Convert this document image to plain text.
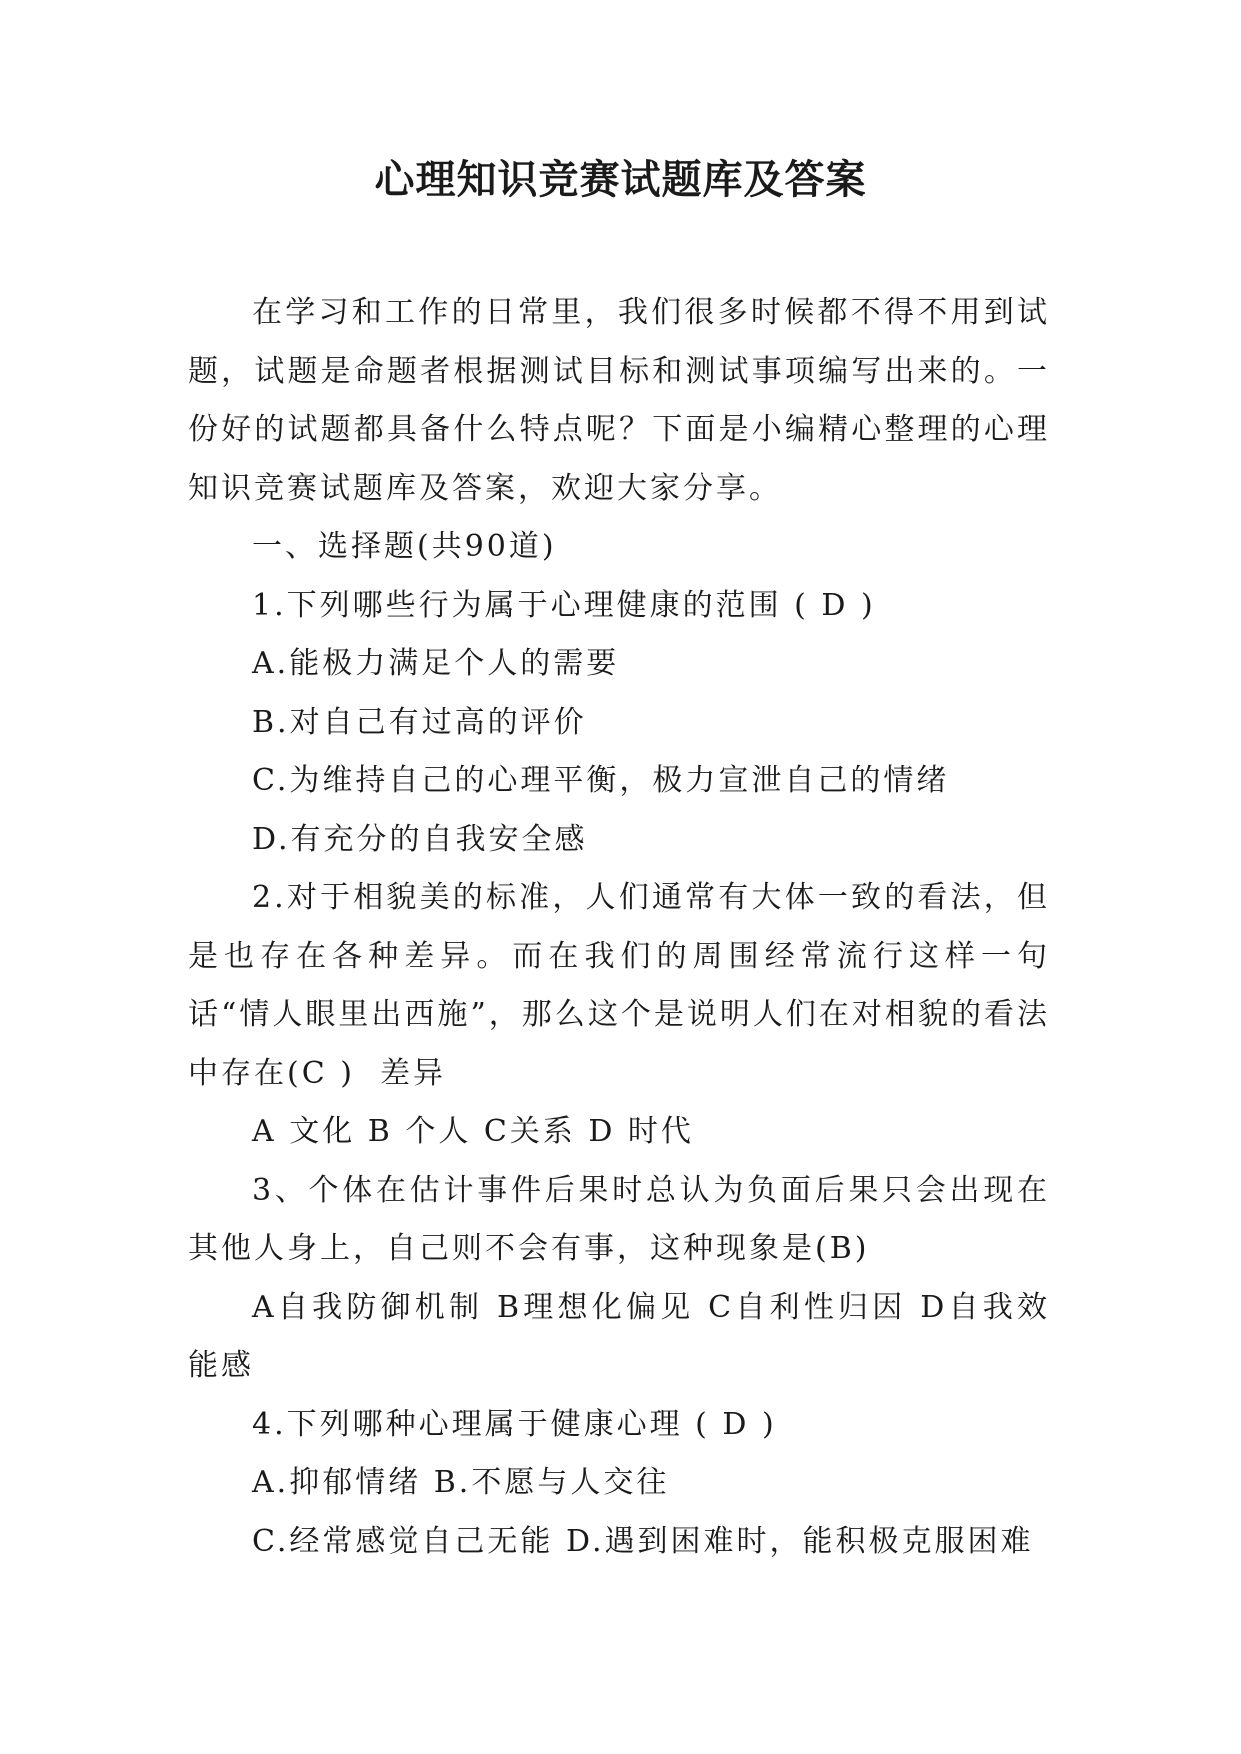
心理知识竞赛试题库及答案

在学习和工作的日常里，我们很多时候都不得不用到试题，试题是命题者根据测试目标和测试事项编写出来的。一份好的试题都具备什么特点呢？下面是小编精心整理的心理知识竞赛试题库及答案，欢迎大家分享。

一、选择题(共90道)

1.下列哪些行为属于心理健康的范围 ( D )

A.能极力满足个人的需要

B.对自己有过高的评价

C.为维持自己的心理平衡，极力宣泄自己的情绪

D.有充分的自我安全感

2.对于相貌美的标准，人们通常有大体一致的看法，但是也存在各种差异。而在我们的周围经常流行这样一句话“情人眼里出西施”，那么这个是说明人们在对相貌的看法中存在(C )  差异

A 文化 B 个人 C关系 D 时代

3、个体在估计事件后果时总认为负面后果只会出现在其他人身上，自己则不会有事，这种现象是(B)

A自我防御机制 B理想化偏见 C自利性归因 D自我效能感

4.下列哪种心理属于健康心理 ( D )

A.抑郁情绪 B.不愿与人交往

C.经常感觉自己无能 D.遇到困难时，能积极克服困难
